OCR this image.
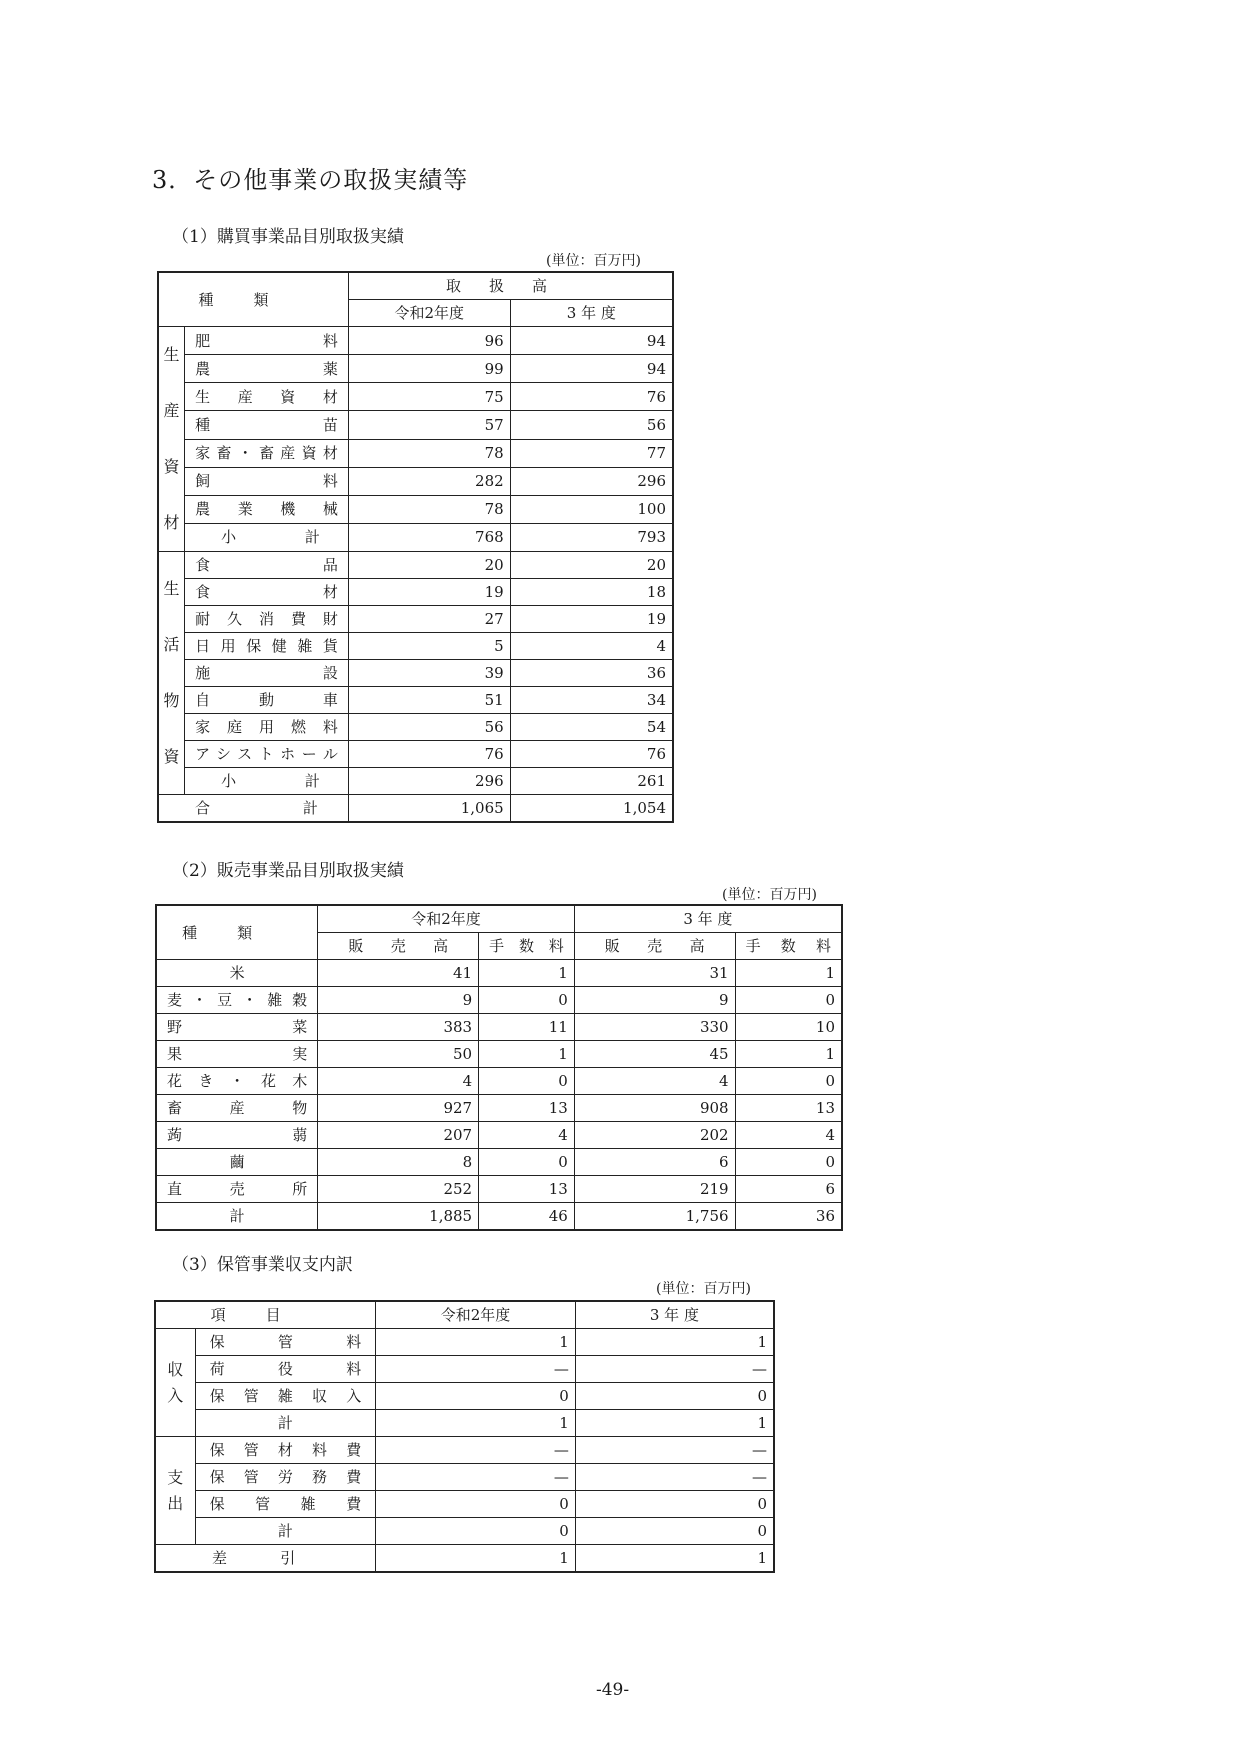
3．その他事業の取扱実績等
（1）購買事業品目別取扱実績
(単位：百万円)
種類		取扱高	
		令和2年度	3 年 度

生
産
資
材	肥料	96	94
	農薬	99	94
	生産資材	75	76
	種苗	57	56
	家畜・畜産資材	78	77
	飼料	282	296
	農業機械	78	100
	小計	768	793

生
活
物
資	食品	20	20
	食材	19	18
	耐久消費財	27	19
	日用保健雑貨	5	4
	施設	39	36
	自動車	51	34
	家庭用燃料	56	54
	アシストホール	76	76
	小計	296	261
合計		1,065	1,054
（2）販売事業品目別取扱実績
(単位：百万円)
種類	令和2年度		3 年 度	
	販売高	手数料	販売高	手数料
米	41	1	31	1
麦・豆・雑穀	9	0	9	0
野菜	383	11	330	10
果実	50	1	45	1
花き・花木	4	0	4	0
畜産物	927	13	908	13
蒟蒻	207	4	202	4
繭	8	0	6	0
直売所	252	13	219	6
計	1,885	46	1,756	36
（3）保管事業収支内訳
(単位：百万円)
項目		令和2年度	3 年 度

収
入	保管料	1	1
	荷役料	—	—
	保管雑収入	0	0
	計	1	1

支
出	保管材料費	—	—
	保管労務費	—	—
	保管雑費	0	0
	計	0	0
差引		1	1
-49-
